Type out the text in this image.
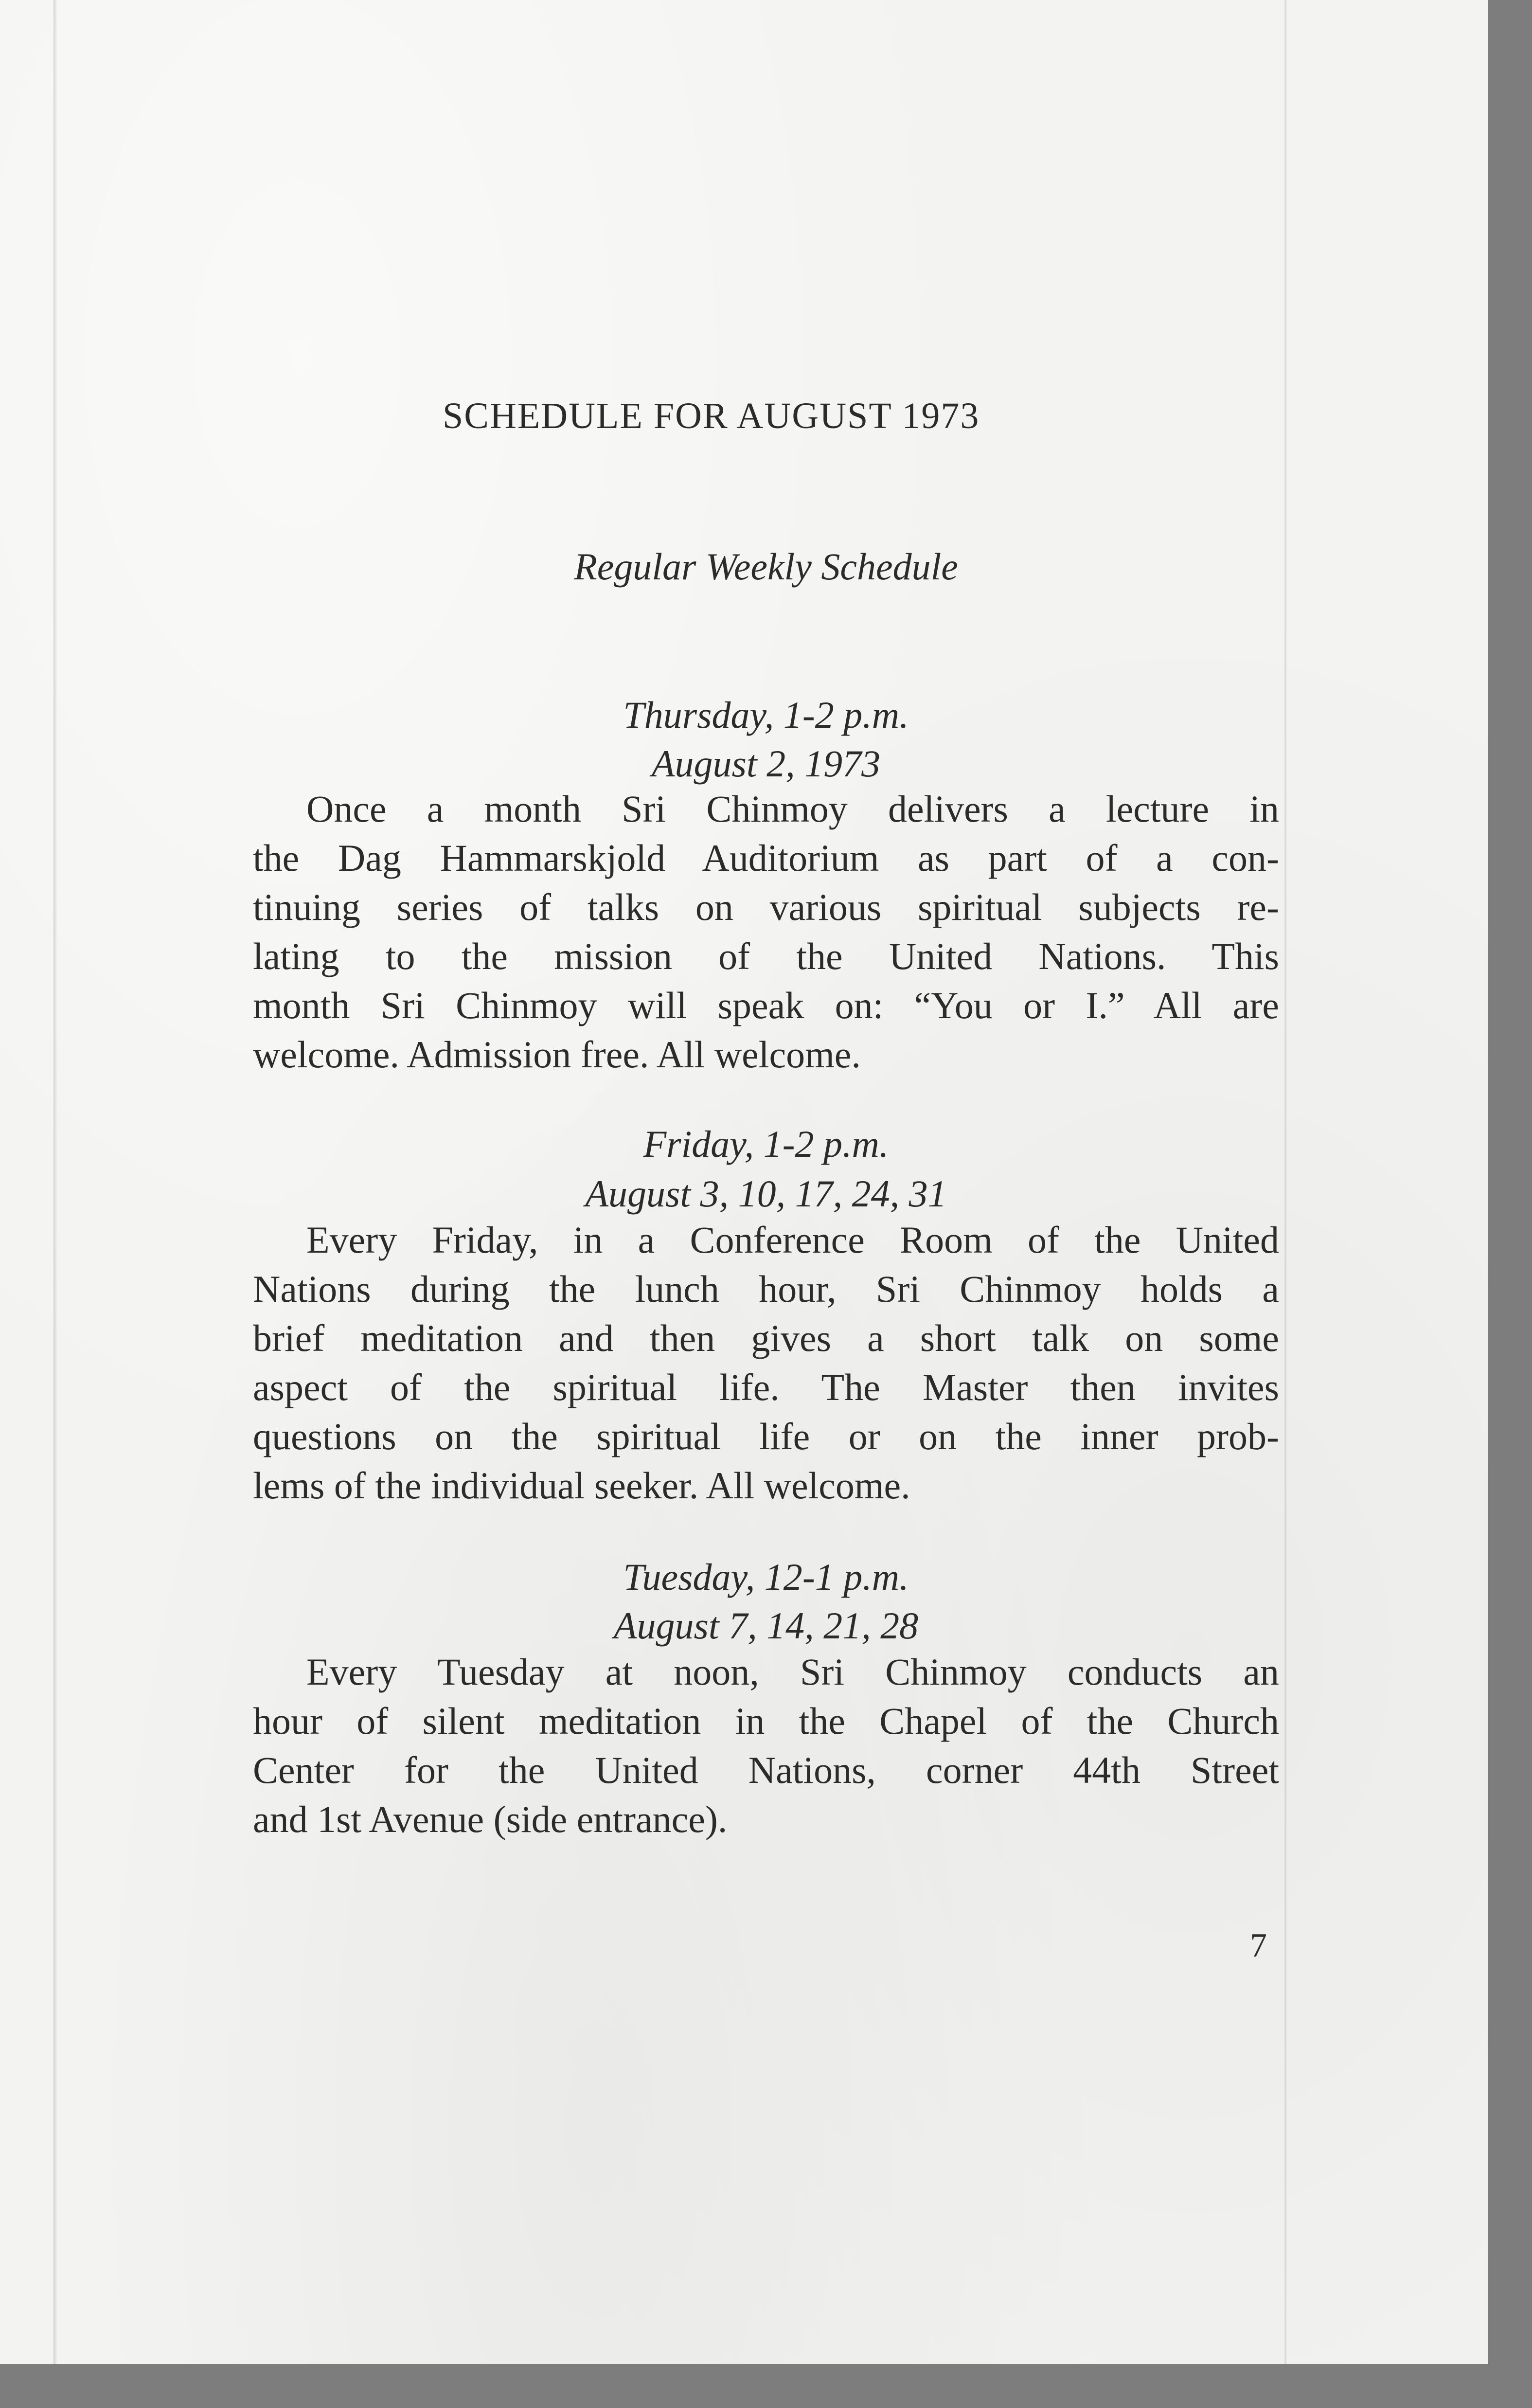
SCHEDULE FOR AUGUST 1973
Regular Weekly Schedule
Thursday, 1-2 p.m.
August 2, 1973
Once a month Sri Chinmoy delivers a lecture in
the Dag Hammarskjold Auditorium as part of a con-
tinuing series of talks on various spiritual subjects re-
lating to the mission of the United Nations. This
month Sri Chinmoy will speak on: “You or I.” All are
welcome. Admission free. All welcome.
Friday, 1-2 p.m.
August 3, 10, 17, 24, 31
Every Friday, in a Conference Room of the United
Nations during the lunch hour, Sri Chinmoy holds a
brief meditation and then gives a short talk on some
aspect of the spiritual life. The Master then invites
questions on the spiritual life or on the inner prob-
lems of the individual seeker. All welcome.
Tuesday, 12-1 p.m.
August 7, 14, 21, 28
Every Tuesday at noon, Sri Chinmoy conducts an
hour of silent meditation in the Chapel of the Church
Center for the United Nations, corner 44th Street
and 1st Avenue (side entrance).
7
